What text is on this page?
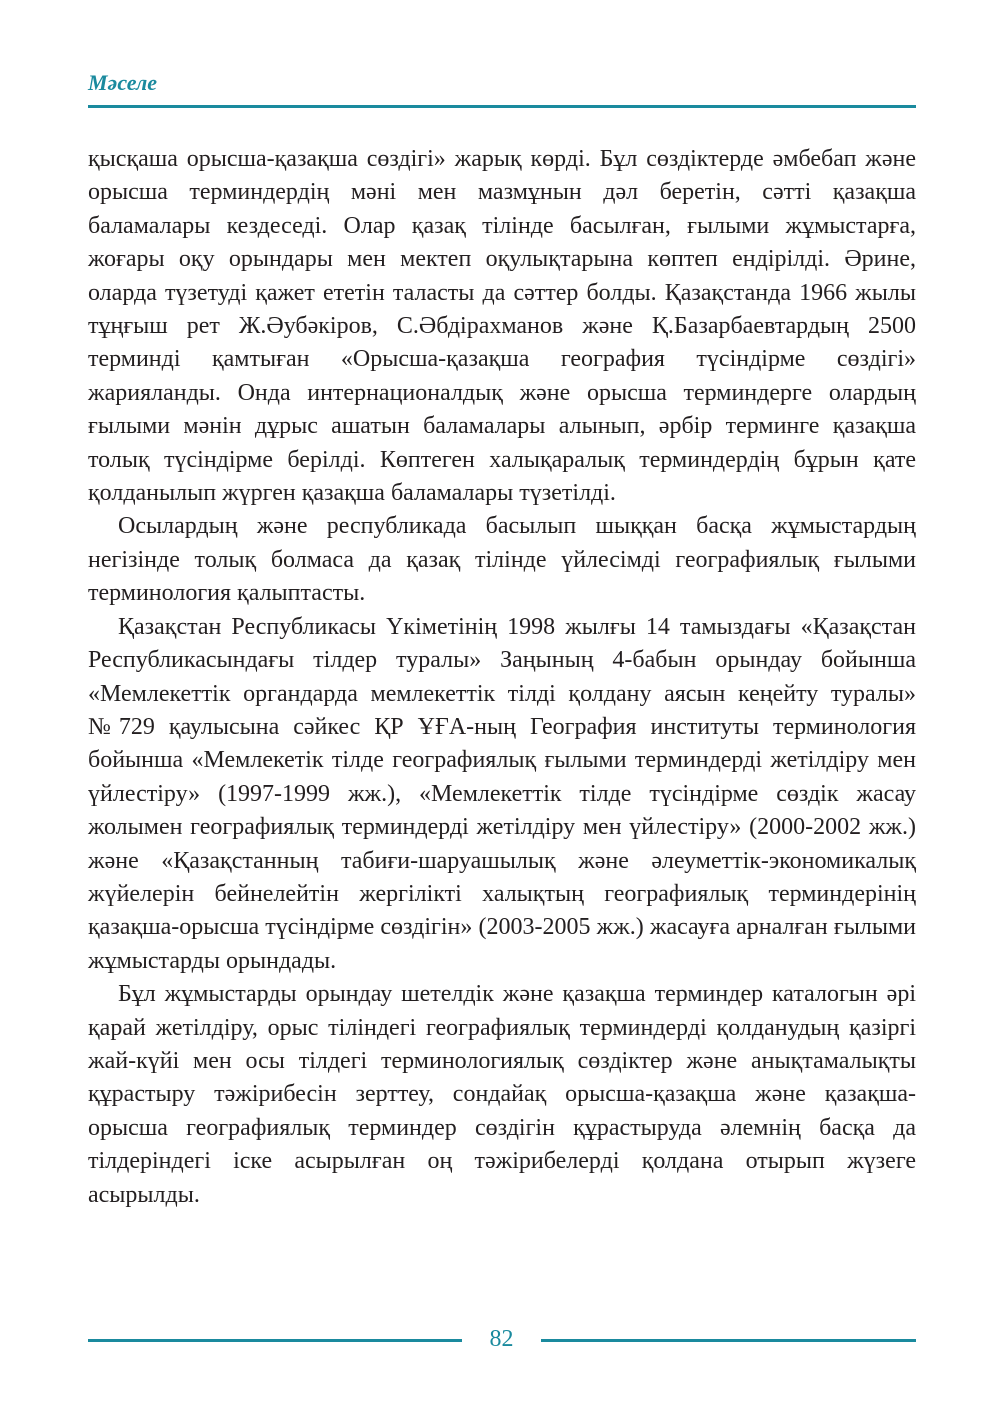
Мәселе

қысқаша орысша-қазақша сөздігі» жарық көрді. Бұл сөздіктерде әмбебап және орысша терминдердің мәні мен мазмұнын дәл беретін, сәтті қазақша баламалары кездеседі. Олар қазақ тілінде басылған, ғылыми жұмыстарға, жоғары оқу орындары мен мектеп оқулықтарына көптеп ендірілді. Әрине, оларда түзетуді қажет ететін таласты да сәттер болды. Қазақстанда 1966 жылы тұңғыш рет Ж.Әубәкіров, С.Әбдірахманов және Қ.Базарбаевтардың 2500 терминді қамтыған «Орысша-қазақша география түсіндірме сөздігі» жарияланды. Онда интернационалдық және орысша терминдерге олардың ғылыми мәнін дұрыс ашатын баламалары алынып, әрбір терминге қазақша толық түсіндірме берілді. Көптеген халықаралық терминдердің бұрын қате қолданылып жүрген қазақша баламалары түзетілді.

Осылардың және республикада басылып шыққан басқа жұмыстардың негізінде толық болмаса да қазақ тілінде үйлесімді географиялық ғылыми терминология қалыптасты.

Қазақстан Республикасы Үкіметінің 1998 жылғы 14 тамыздағы «Қазақстан Республикасындағы тілдер туралы» Заңының 4-бабын орындау бойынша «Мемлекеттік органдарда мемлекеттік тілді қолдану аясын кеңейту туралы» №729 қаулысына сәйкес ҚР ҰҒА-ның География институты терминология бойынша «Мемлекетік тілде географиялық ғылыми терминдерді жетілдіру мен үйлестіру» (1997-1999 жж.), «Мемлекеттік тілде түсіндірме сөздік жасау жолымен географиялық терминдерді жетілдіру мен үйлестіру» (2000-2002 жж.) және «Қазақстанның табиғи-шаруашылық және әлеуметтік-экономикалық жүйелерін бейнелейтін жергілікті халықтың географиялық терминдерінің қазақша-орысша түсіндірме сөздігін» (2003-2005 жж.) жасауға арналған ғылыми жұмыстарды орындады.

Бұл жұмыстарды орындау шетелдік және қазақша терминдер каталогын әрі қарай жетілдіру, орыс тіліндегі географиялық терминдерді қолданудың қазіргі жай-күйі мен осы тілдегі терминологиялық сөздіктер және анықтамалықты құрастыру тәжірибесін зерттеу, сондайақ орысша-қазақша және қазақша-орысша географиялық терминдер сөздігін құрастыруда әлемнің басқа да тілдеріндегі іске асырылған оң тәжірибелерді қолдана отырып жүзеге асырылды.

82
